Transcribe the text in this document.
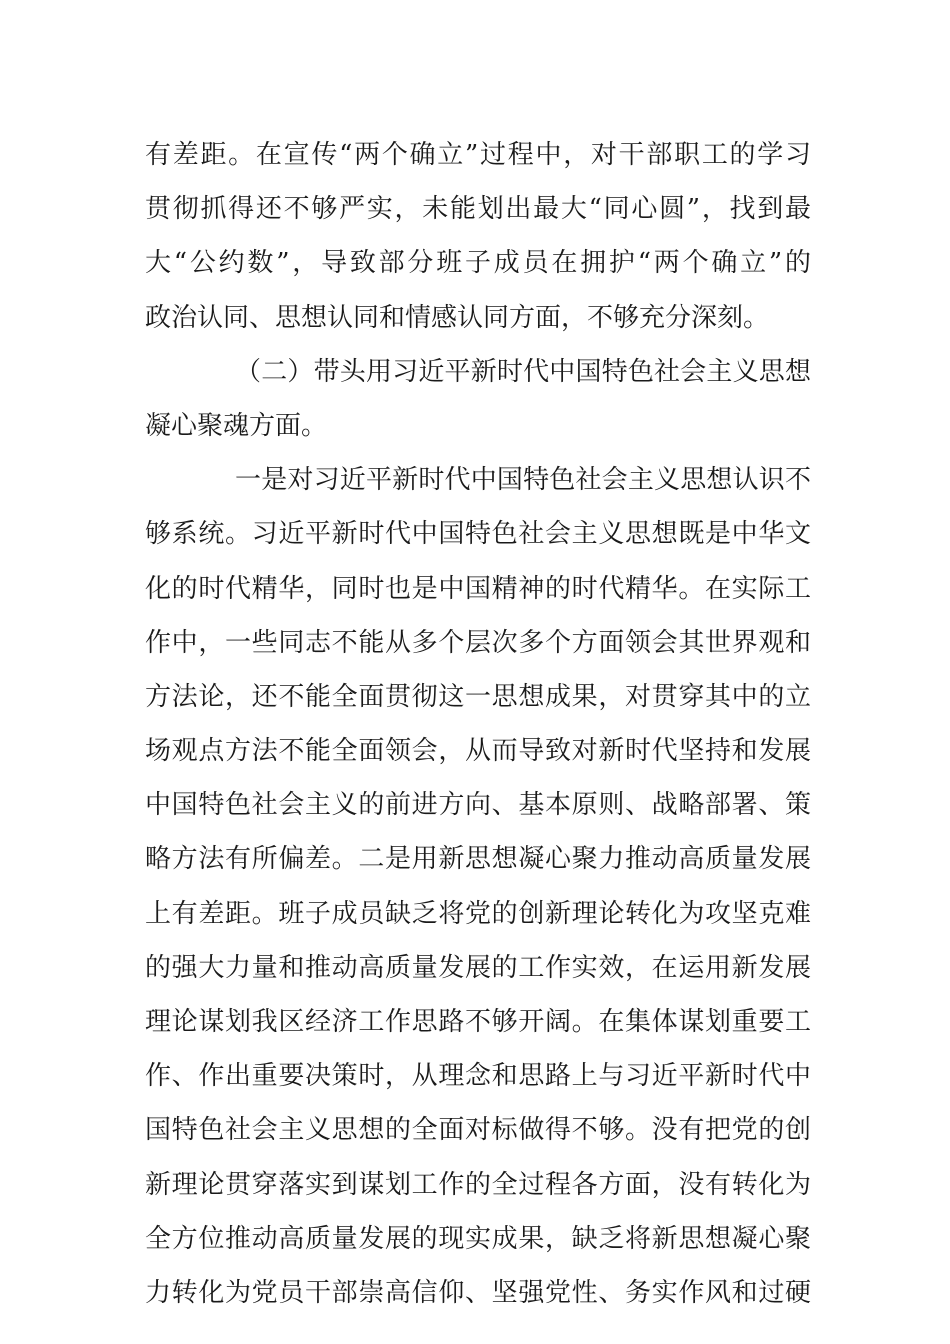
有差距。在宣传“两个确立”过程中，对干部职工的学习
贯彻抓得还不够严实，未能划出最大“同心圆”，找到最
大“公约数”，导致部分班子成员在拥护“两个确立”的
政治认同、思想认同和情感认同方面，不够充分深刻。
（二）带头用习近平新时代中国特色社会主义思想
凝心聚魂方面。
一是对习近平新时代中国特色社会主义思想认识不
够系统。习近平新时代中国特色社会主义思想既是中华文
化的时代精华，同时也是中国精神的时代精华。在实际工
作中，一些同志不能从多个层次多个方面领会其世界观和
方法论，还不能全面贯彻这一思想成果，对贯穿其中的立
场观点方法不能全面领会，从而导致对新时代坚持和发展
中国特色社会主义的前进方向、基本原则、战略部署、策
略方法有所偏差。二是用新思想凝心聚力推动高质量发展
上有差距。班子成员缺乏将党的创新理论转化为攻坚克难
的强大力量和推动高质量发展的工作实效，在运用新发展
理论谋划我区经济工作思路不够开阔。在集体谋划重要工
作、作出重要决策时，从理念和思路上与习近平新时代中
国特色社会主义思想的全面对标做得不够。没有把党的创
新理论贯穿落实到谋划工作的全过程各方面，没有转化为
全方位推动高质量发展的现实成果，缺乏将新思想凝心聚
力转化为党员干部崇高信仰、坚强党性、务实作风和过硬
